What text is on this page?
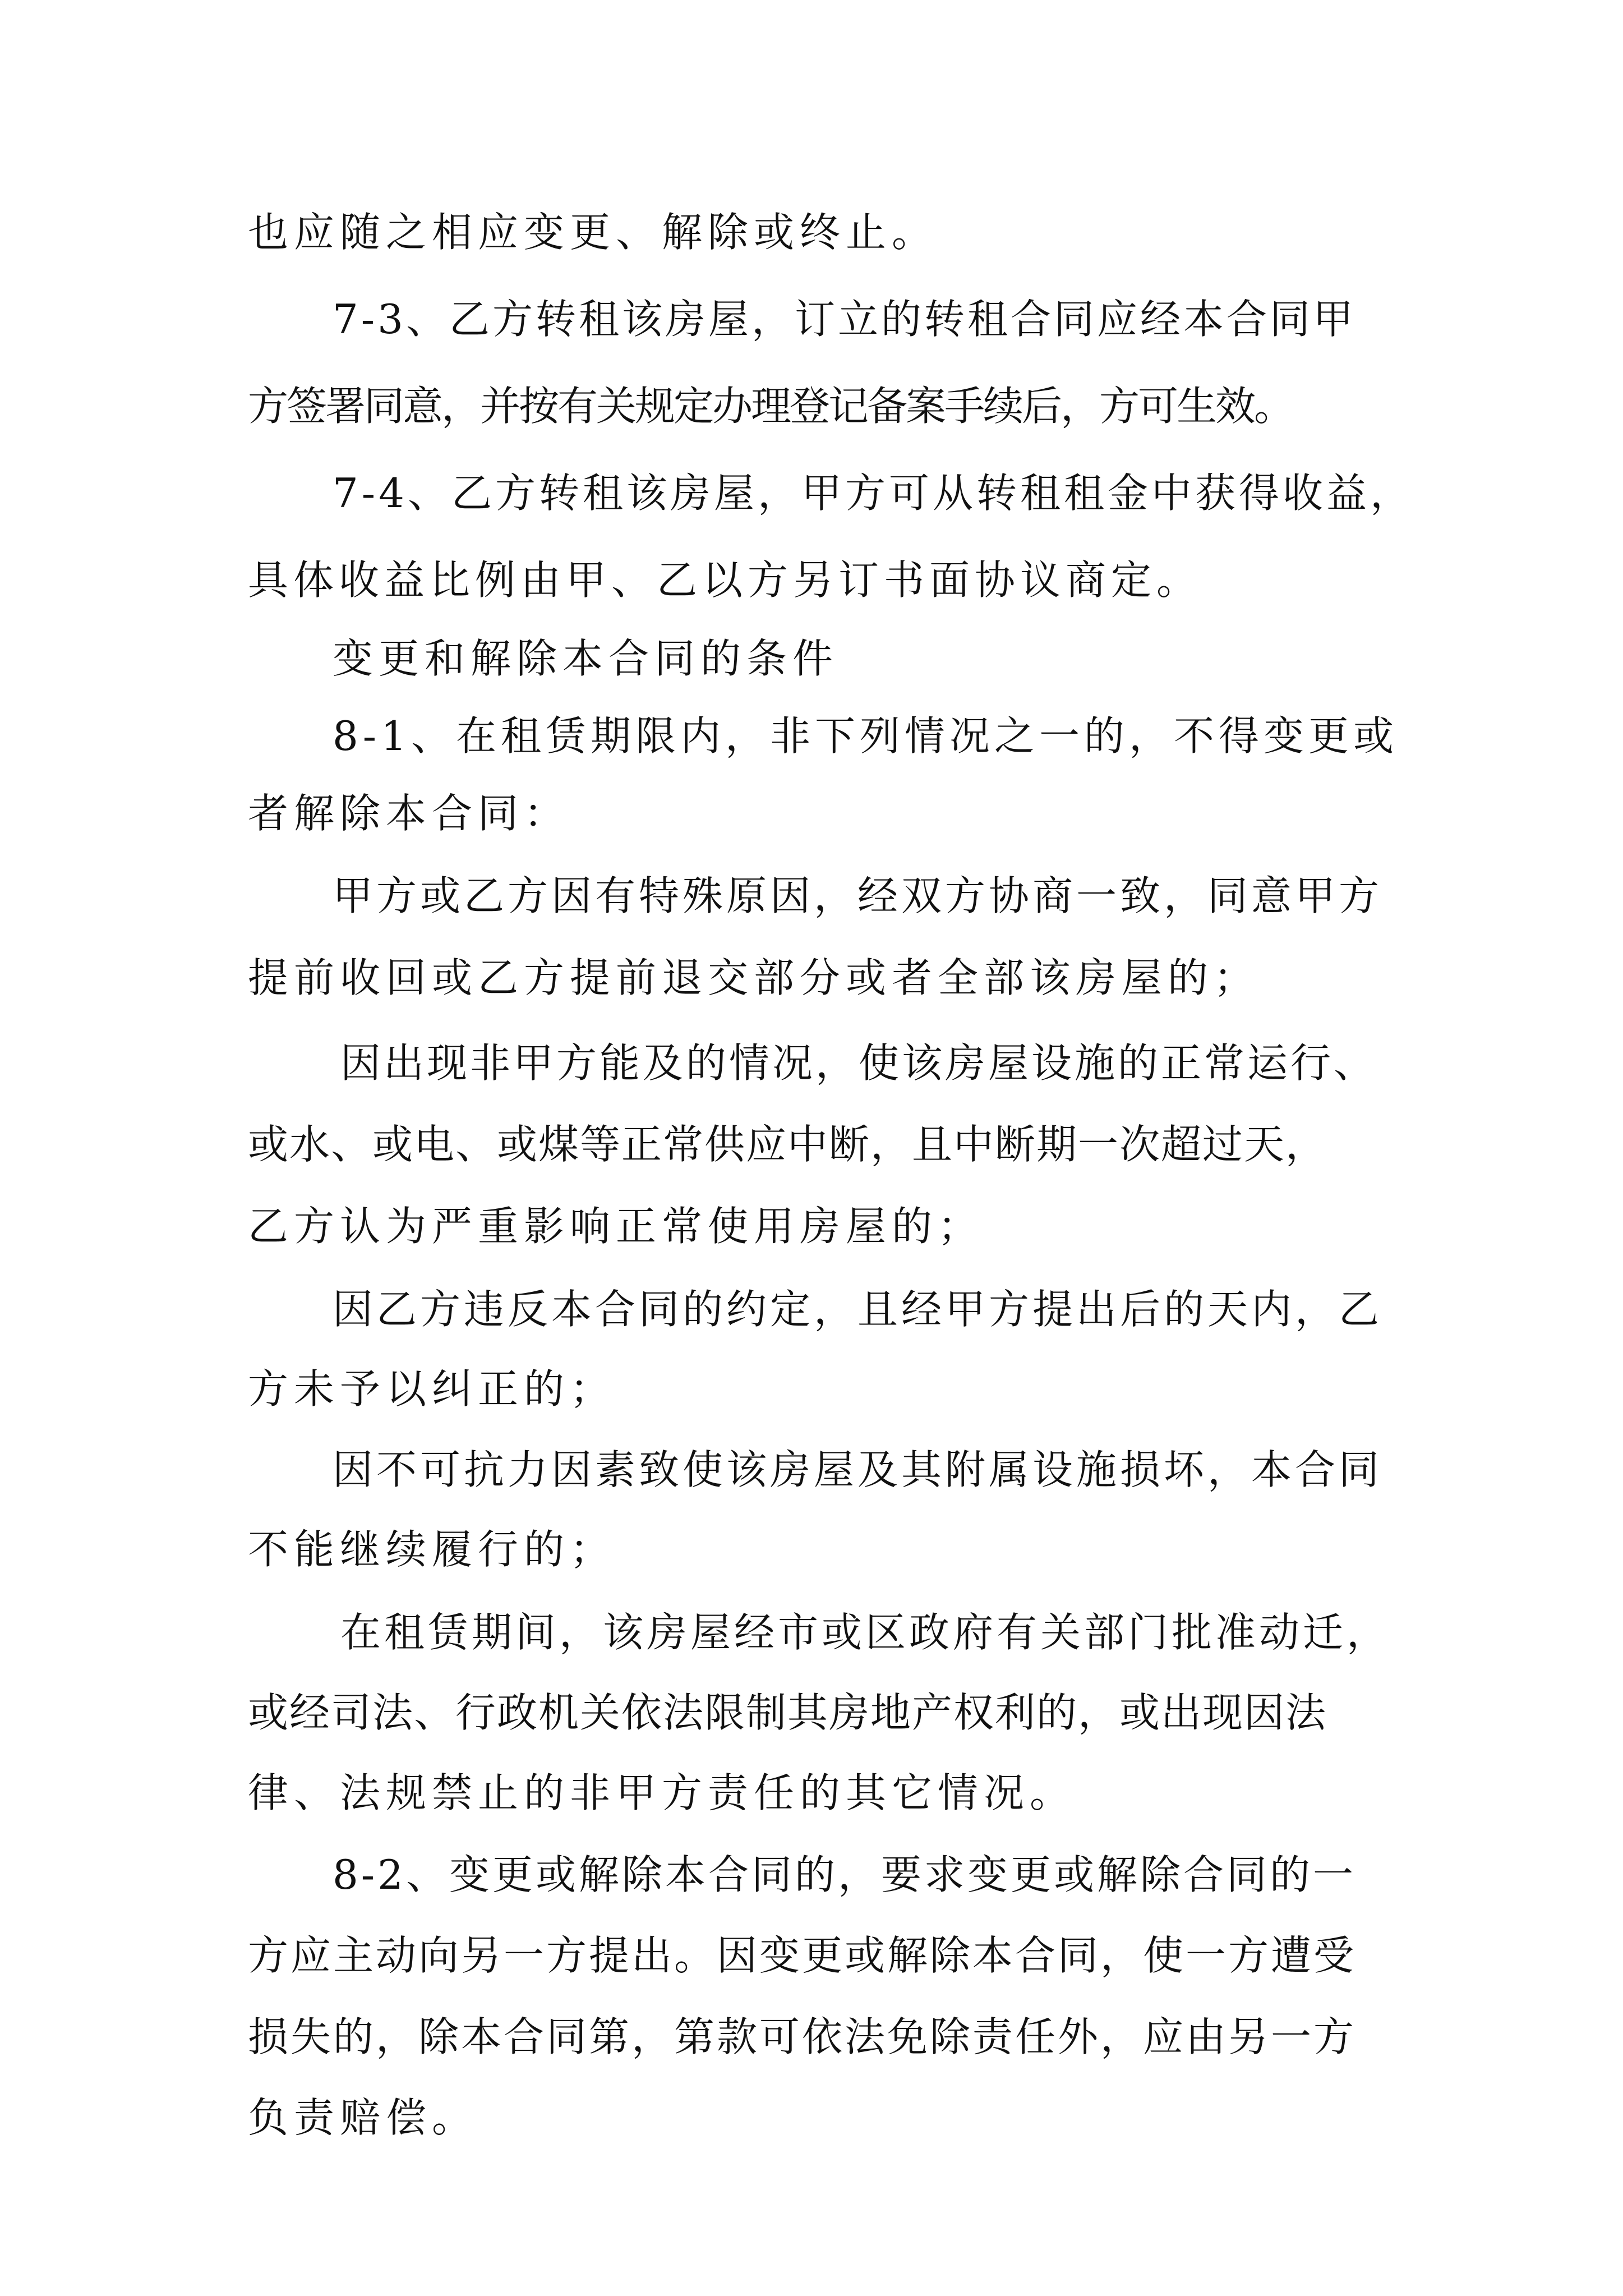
也应随之相应变更、解除或终止。
7-3、乙方转租该房屋，订立的转租合同应经本合同甲
方签署同意，并按有关规定办理登记备案手续后，方可生效。
7-4、乙方转租该房屋，甲方可从转租租金中获得收益，
具体收益比例由甲、乙以方另订书面协议商定。
变更和解除本合同的条件
8-1、在租赁期限内，非下列情况之一的，不得变更或
者解除本合同：
甲方或乙方因有特殊原因，经双方协商一致，同意甲方
提前收回或乙方提前退交部分或者全部该房屋的；
因出现非甲方能及的情况，使该房屋设施的正常运行、
或水、或电、或煤等正常供应中断，且中断期一次超过天，
乙方认为严重影响正常使用房屋的；
因乙方违反本合同的约定，且经甲方提出后的天内，乙
方未予以纠正的；
因不可抗力因素致使该房屋及其附属设施损坏，本合同
不能继续履行的；
在租赁期间，该房屋经市或区政府有关部门批准动迁，
或经司法、行政机关依法限制其房地产权利的，或出现因法
律、法规禁止的非甲方责任的其它情况。
8-2、变更或解除本合同的，要求变更或解除合同的一
方应主动向另一方提出。因变更或解除本合同，使一方遭受
损失的，除本合同第，第款可依法免除责任外，应由另一方
负责赔偿。
